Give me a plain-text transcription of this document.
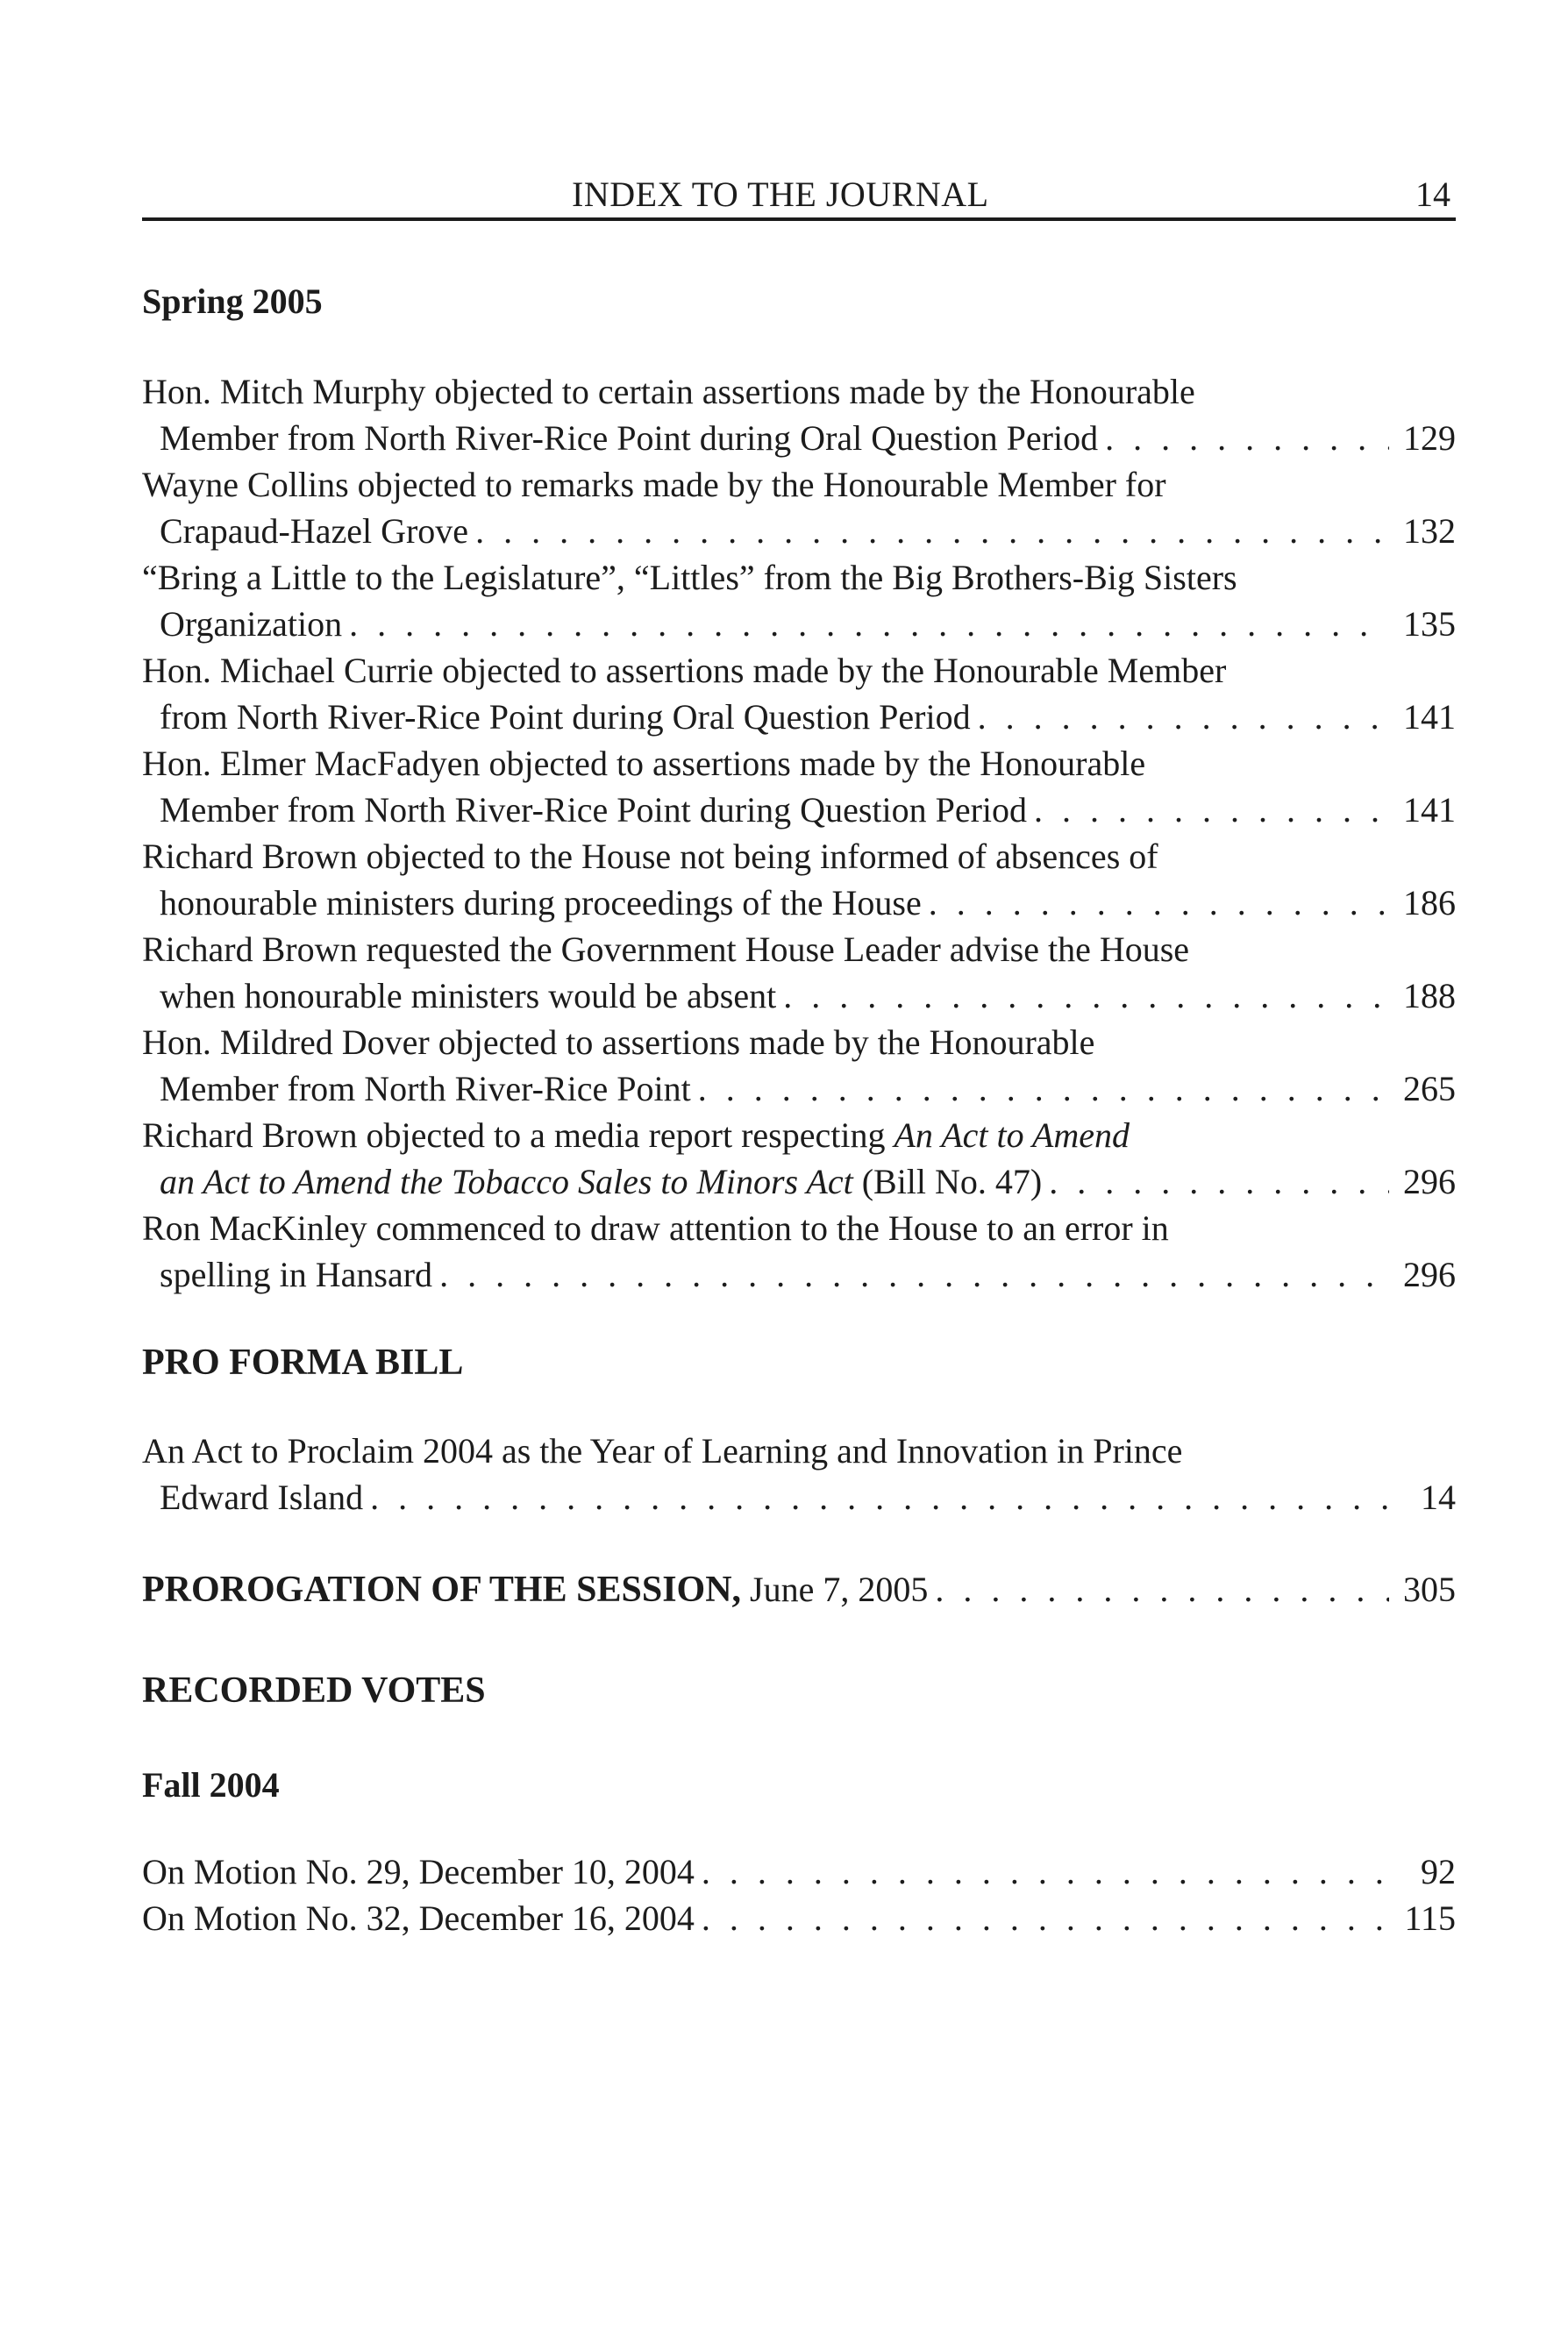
INDEX TO THE JOURNAL	14
Spring 2005
Hon. Mitch Murphy objected to certain assertions made by the Honourable
Member from North River-Rice Point during Oral Question Period . . .	129
Wayne Collins objected to remarks made by the Honourable Member for
Crapaud-Hazel Grove . . .	132
“Bring a Little to the Legislature”, “Littles” from the Big Brothers-Big Sisters
Organization . . .	135
Hon. Michael Currie objected to assertions made by the Honourable Member
from North River-Rice Point during Oral Question Period . . .	141
Hon. Elmer MacFadyen objected to assertions made by the Honourable
Member from North River-Rice Point during Question Period . . .	141
Richard Brown objected to the House not being informed of absences of
honourable ministers during proceedings of the House . . .	186
Richard Brown requested the Government House Leader advise the House
when honourable ministers would be absent . . .	188
Hon. Mildred Dover objected to assertions made by the Honourable
Member from North River-Rice Point . . .	265
Richard Brown objected to a media report respecting An Act to Amend
an Act to Amend the Tobacco Sales to Minors Act (Bill No. 47) . . .	296
Ron MacKinley commenced to draw attention to the House to an error in
spelling in Hansard . . .	296
PRO FORMA BILL
An Act to Proclaim 2004 as the Year of Learning and Innovation in Prince
Edward Island . . .	14
PROROGATION OF THE SESSION, June 7, 2005 . . .	305
RECORDED VOTES
Fall 2004
On Motion No. 29, December 10, 2004 . . .	92
On Motion No. 32, December 16, 2004 . . .	115
